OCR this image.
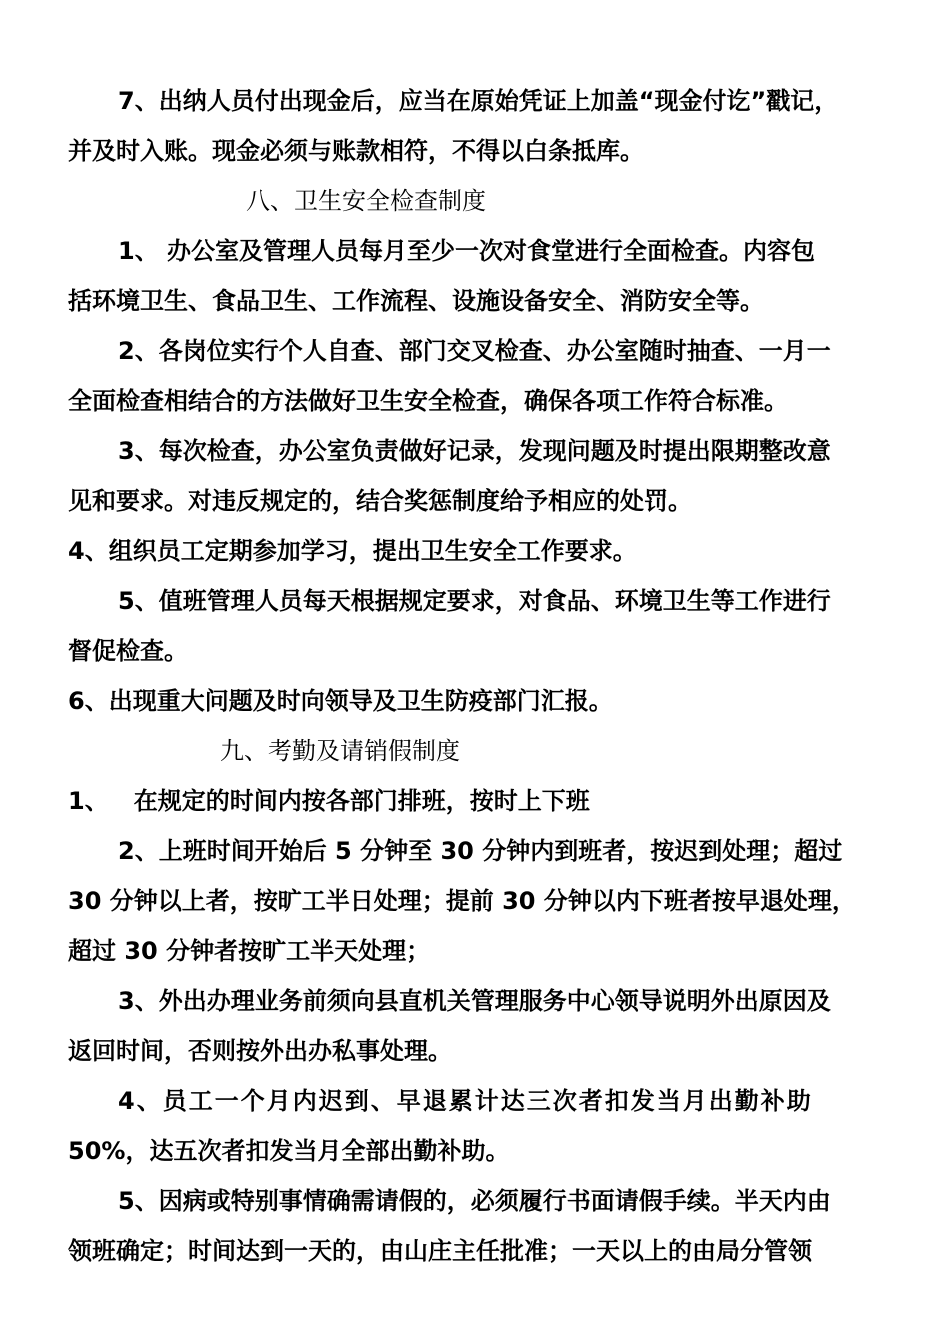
7、出纳人员付出现金后，应当在原始凭证上加盖“现金付讫”戳记，
并及时入账。现金必须与账款相符，不得以白条抵库。
八、卫生安全检查制度
1、 办公室及管理人员每月至少一次对食堂进行全面检查。内容包
括环境卫生、食品卫生、工作流程、设施设备安全、消防安全等。
2、各岗位实行个人自查、部门交叉检查、办公室随时抽查、一月一
全面检查相结合的方法做好卫生安全检查，确保各项工作符合标准。
3、每次检查，办公室负责做好记录，发现问题及时提出限期整改意
见和要求。对违反规定的，结合奖惩制度给予相应的处罚。
4、组织员工定期参加学习，提出卫生安全工作要求。
5、值班管理人员每天根据规定要求，对食品、环境卫生等工作进行
督促检查。
6、出现重大问题及时向领导及卫生防疫部门汇报。
九、考勤及请销假制度
1、   在规定的时间内按各部门排班，按时上下班
2、上班时间开始后 5 分钟至 30 分钟内到班者，按迟到处理；超过
30 分钟以上者，按旷工半日处理；提前 30 分钟以内下班者按早退处理，
超过 30 分钟者按旷工半天处理；
3、外出办理业务前须向县直机关管理服务中心领导说明外出原因及
返回时间，否则按外出办私事处理。
4、员工一个月内迟到、早退累计达三次者扣发当月出勤补助
50%，达五次者扣发当月全部出勤补助。
5、因病或特别事情确需请假的，必须履行书面请假手续。半天内由
领班确定；时间达到一天的，由山庄主任批准；一天以上的由局分管领
